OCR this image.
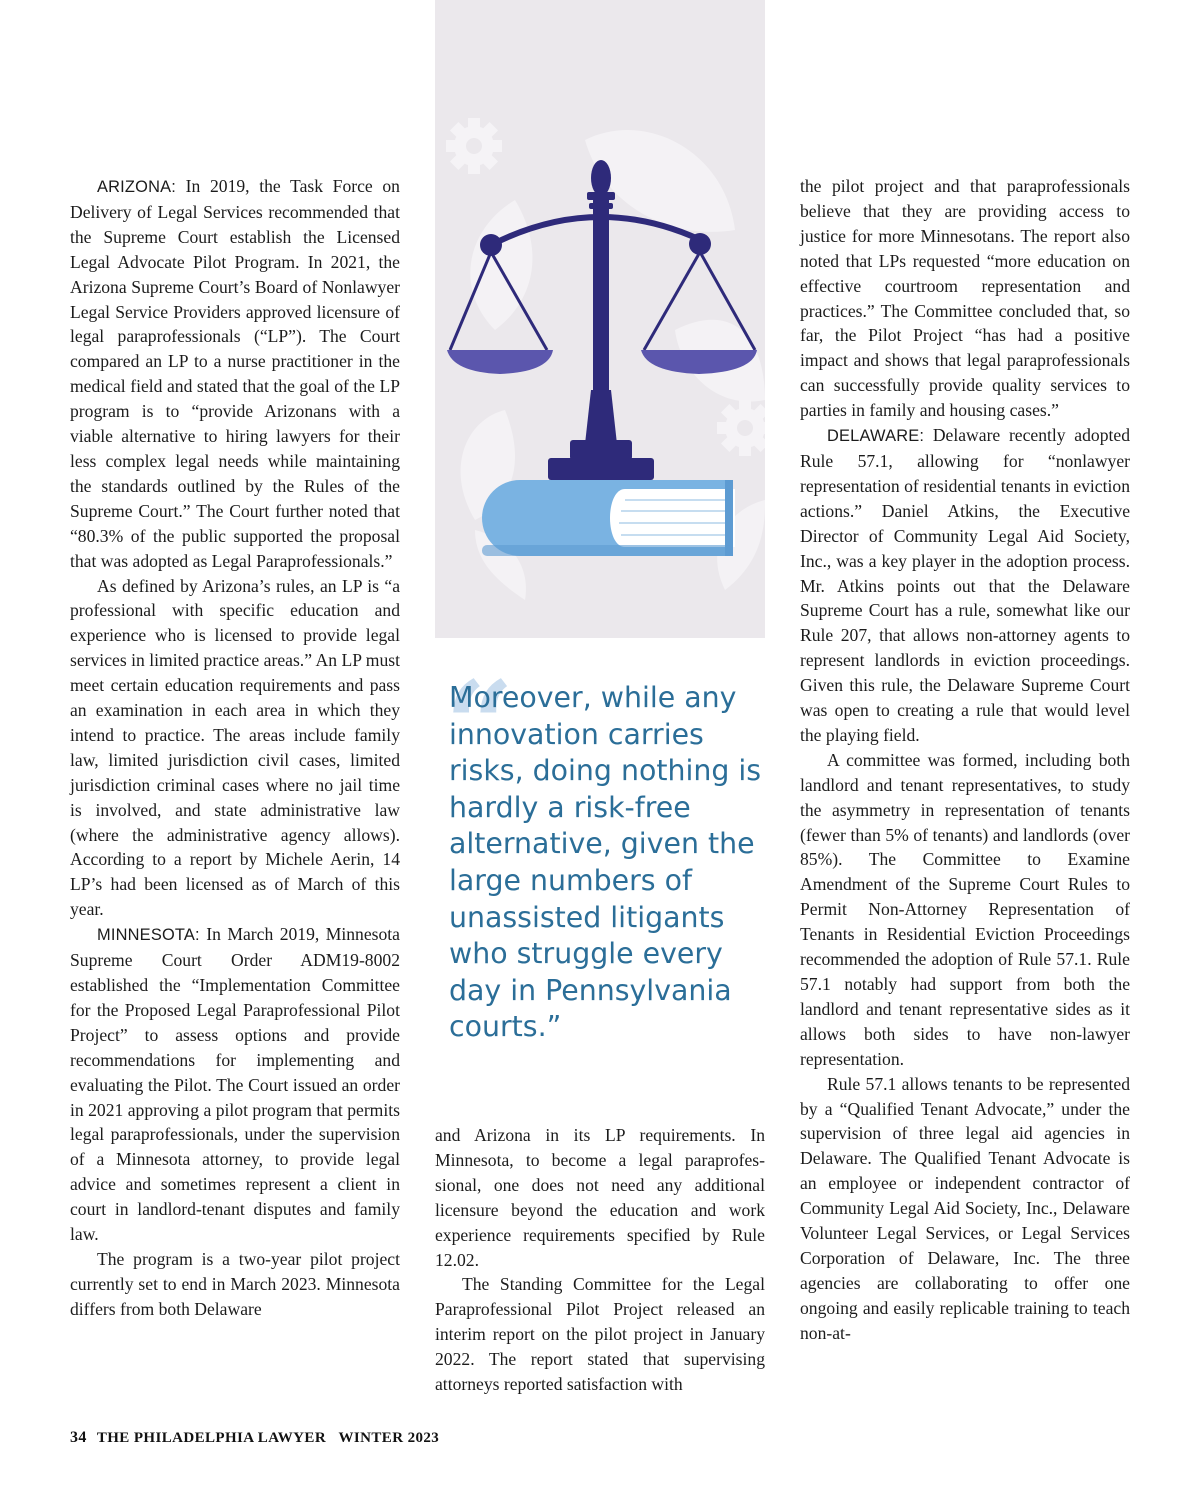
ARIZONA: In 2019, the Task Force on Delivery of Legal Services recommended that the Supreme Court establish the Licensed Legal Advocate Pilot Program. In 2021, the Arizona Supreme Court’s Board of Nonlawyer Legal Service Providers approved licensure of legal paraprofessionals (“LP”). The Court compared an LP to a nurse practitioner in the medical field and stated that the goal of the LP program is to “provide Arizonans with a viable alternative to hiring lawyers for their less complex legal needs while maintaining the standards outlined by the Rules of the Supreme Court.” The Court further noted that “80.3% of the public supported the proposal that was adopted as Legal Paraprofessionals.”

As defined by Arizona’s rules, an LP is “a professional with specific education and experience who is licensed to provide legal services in limited practice areas.” An LP must meet certain education requirements and pass an examination in each area in which they intend to practice. The areas include family law, limited jurisdiction civil cases, limited jurisdiction criminal cases where no jail time is involved, and state administrative law (where the administrative agency allows). According to a report by Michele Aerin, 14 LP’s had been licensed as of March of this year.

MINNESOTA: In March 2019, Minnesota Supreme Court Order ADM19-8002 established the “Implementation Committee for the Proposed Legal Paraprofessional Pilot Project” to assess options and provide recommendations for implementing and evaluating the Pilot. The Court issued an order in 2021 approving a pilot program that permits legal paraprofessionals, under the supervision of a Minnesota attorney, to provide legal advice and sometimes represent a client in court in landlord-tenant disputes and family law.

The program is a two-year pilot project currently set to end in March 2023. Minnesota differs from both Delaware

“

Moreover, while any innovation carries risks, doing nothing is hardly a risk-free alternative, given the large numbers of unassisted litigants who struggle every day in Pennsylvania courts.”

and Arizona in its LP requirements. In Minnesota, to become a legal paraprofessional, one does not need any additional licensure beyond the education and work experience requirements specified by Rule 12.02.

The Standing Committee for the Legal Paraprofessional Pilot Project released an interim report on the pilot project in January 2022. The report stated that supervising attorneys reported satisfaction with

the pilot project and that paraprofessionals believe that they are providing access to justice for more Minnesotans. The report also noted that LPs requested “more education on effective courtroom representation and practices.” The Committee concluded that, so far, the Pilot Project “has had a positive impact and shows that legal paraprofessionals can successfully provide quality services to parties in family and housing cases.”

DELAWARE: Delaware recently adopted Rule 57.1, allowing for “nonlawyer representation of residential tenants in eviction actions.” Daniel Atkins, the Executive Director of Community Legal Aid Society, Inc., was a key player in the adoption process. Mr. Atkins points out that the Delaware Supreme Court has a rule, somewhat like our Rule 207, that allows non-attorney agents to represent landlords in eviction proceedings. Given this rule, the Delaware Supreme Court was open to creating a rule that would level the playing field.

A committee was formed, including both landlord and tenant representatives, to study the asymmetry in representation of tenants (fewer than 5% of tenants) and landlords (over 85%). The Committee to Examine Amendment of the Supreme Court Rules to Permit Non-Attorney Representation of Tenants in Residential Eviction Proceedings recommended the adoption of Rule 57.1. Rule 57.1 notably had support from both the landlord and tenant representative sides as it allows both sides to have non-lawyer representation.

Rule 57.1 allows tenants to be represented by a “Qualified Tenant Advocate,” under the supervision of three legal aid agencies in Delaware. The Qualified Tenant Advocate is an employee or independent contractor of Community Legal Aid Society, Inc., Delaware Volunteer Legal Services, or Legal Services Corporation of Delaware, Inc. The three agencies are collaborating to offer one ongoing and easily replicable training to teach non-at-

34 THE PHILADELPHIA LAWYER WINTER 2023
